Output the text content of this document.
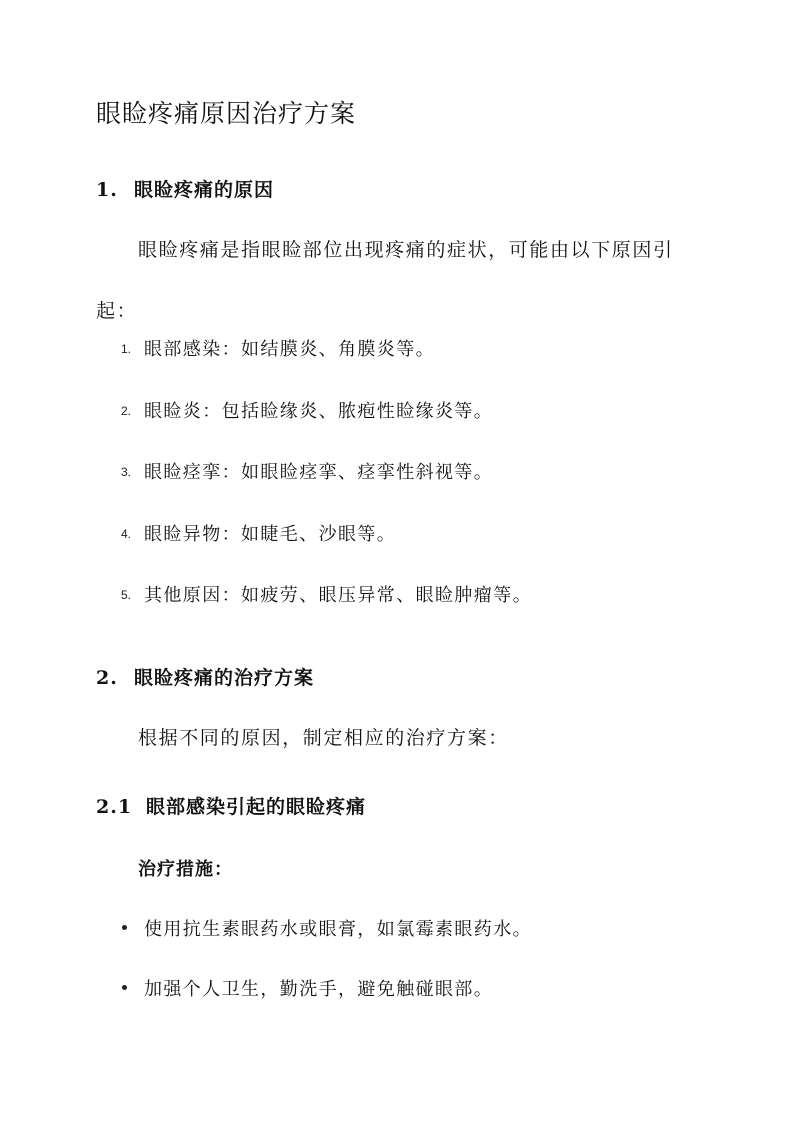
眼睑疼痛原因治疗方案
1. 眼睑疼痛的原因

眼睑疼痛是指眼睑部位出现疼痛的症状，可能由以下原因引起：

1. 眼部感染：如结膜炎、角膜炎等。
2. 眼睑炎：包括睑缘炎、脓疱性睑缘炎等。
3. 眼睑痉挛：如眼睑痉挛、痉挛性斜视等。
4. 眼睑异物：如睫毛、沙眼等。
5. 其他原因：如疲劳、眼压异常、眼睑肿瘤等。
2. 眼睑疼痛的治疗方案

根据不同的原因，制定相应的治疗方案：

2.1 眼部感染引起的眼睑疼痛

治疗措施：

使用抗生素眼药水或眼膏，如氯霉素眼药水。
加强个人卫生，勤洗手，避免触碰眼部。
